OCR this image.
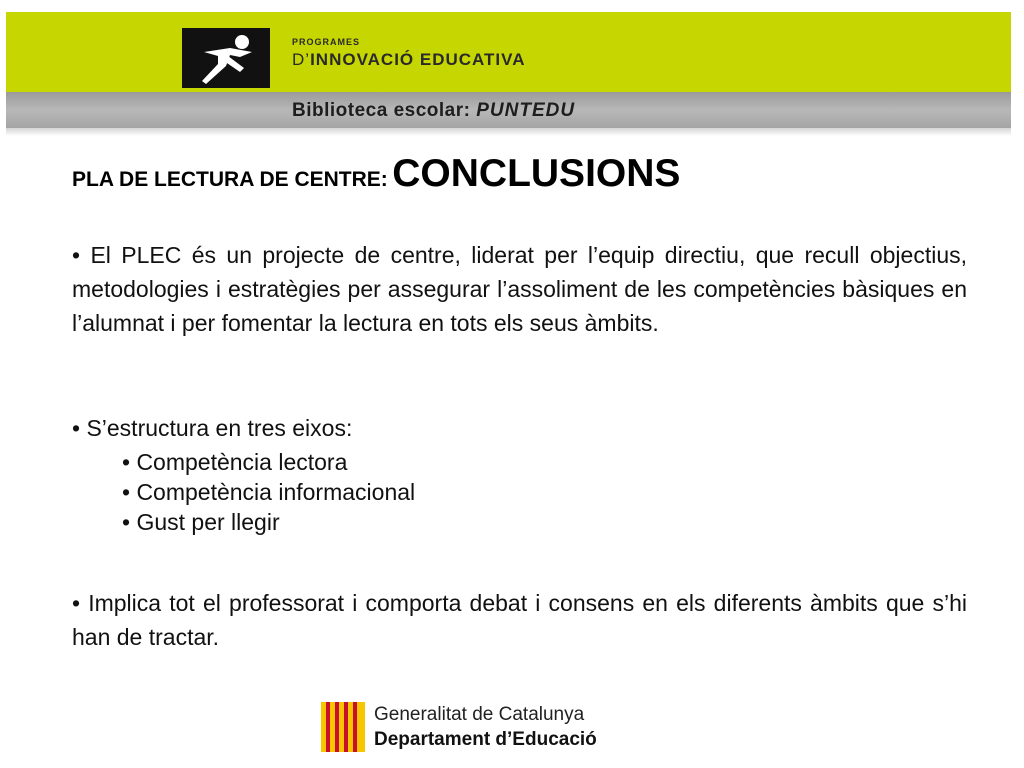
PROGRAMES
D’INNOVACIÓ EDUCATIVA
Biblioteca escolar: PUNTEDU
PLA DE LECTURA DE CENTRE: CONCLUSIONS
• El PLEC és un projecte de centre, liderat per l’equip directiu, que recull objectius, metodologies i estratègies per assegurar l’assoliment de les competències bàsiques en l’alumnat i per fomentar la lectura en tots els seus àmbits.
• S’estructura en tres eixos:
• Competència lectora
• Competència informacional
• Gust per llegir
• Implica tot el professorat i comporta debat i consens en els diferents àmbits que s’hi han de tractar.
Generalitat de Catalunya
Departament d’Educació
